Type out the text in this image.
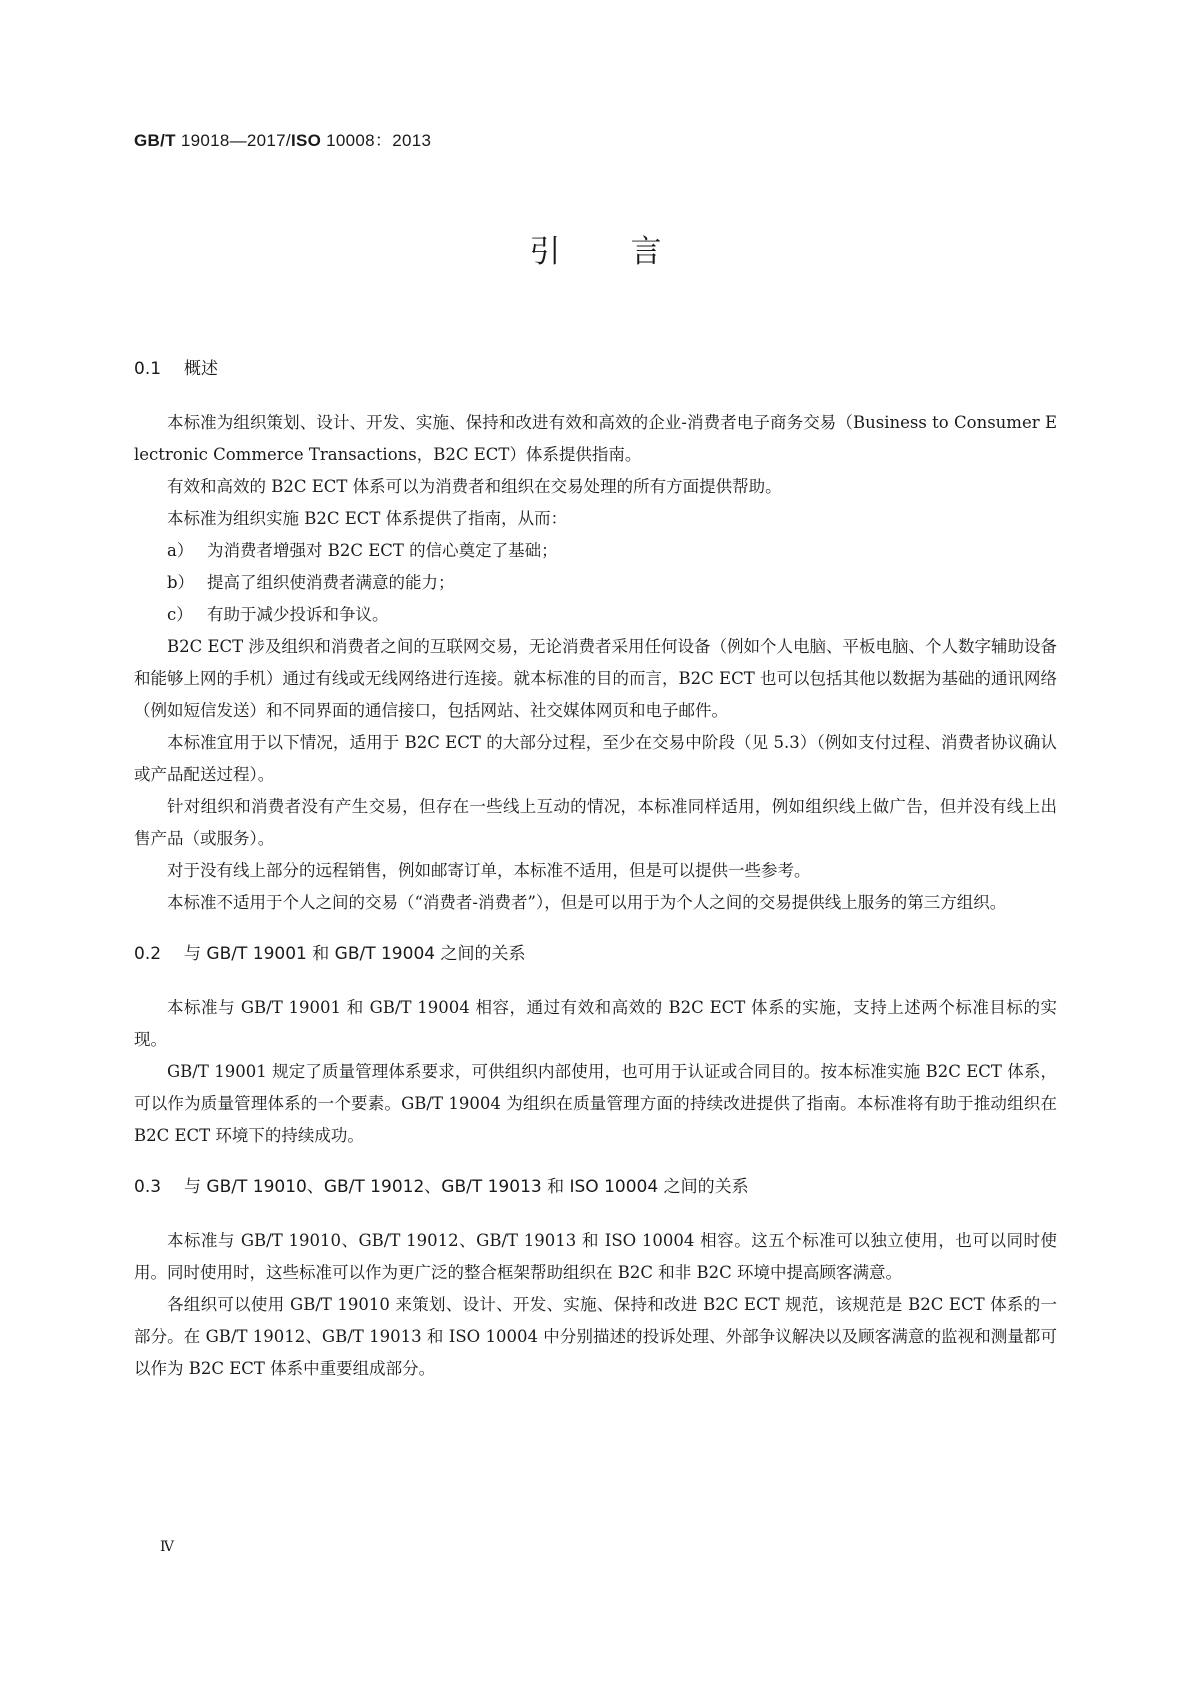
GB/T 19018—2017/ISO 10008：2013
引言
0.1 概述

本标准为组织策划、设计、开发、实施、保持和改进有效和高效的企业-消费者电子商务交易（Business to Consumer Electronic Commerce Transactions，B2C ECT）体系提供指南。

有效和高效的 B2C ECT 体系可以为消费者和组织在交易处理的所有方面提供帮助。

本标准为组织实施 B2C ECT 体系提供了指南，从而：

a） 为消费者增强对 B2C ECT 的信心奠定了基础；

b） 提高了组织使消费者满意的能力；

c） 有助于减少投诉和争议。

B2C ECT 涉及组织和消费者之间的互联网交易，无论消费者采用任何设备（例如个人电脑、平板电脑、个人数字辅助设备和能够上网的手机）通过有线或无线网络进行连接。就本标准的目的而言，B2C ECT 也可以包括其他以数据为基础的通讯网络（例如短信发送）和不同界面的通信接口，包括网站、社交媒体网页和电子邮件。

本标准宜用于以下情况，适用于 B2C ECT 的大部分过程，至少在交易中阶段（见 5.3）（例如支付过程、消费者协议确认或产品配送过程）。

针对组织和消费者没有产生交易，但存在一些线上互动的情况，本标准同样适用，例如组织线上做广告，但并没有线上出售产品（或服务）。

对于没有线上部分的远程销售，例如邮寄订单，本标准不适用，但是可以提供一些参考。

本标准不适用于个人之间的交易（“消费者-消费者”），但是可以用于为个人之间的交易提供线上服务的第三方组织。

0.2 与 GB/T 19001 和 GB/T 19004 之间的关系

本标准与 GB/T 19001 和 GB/T 19004 相容，通过有效和高效的 B2C ECT 体系的实施，支持上述两个标准目标的实现。

GB/T 19001 规定了质量管理体系要求，可供组织内部使用，也可用于认证或合同目的。按本标准实施 B2C ECT 体系，可以作为质量管理体系的一个要素。GB/T 19004 为组织在质量管理方面的持续改进提供了指南。本标准将有助于推动组织在 B2C ECT 环境下的持续成功。

0.3 与 GB/T 19010、GB/T 19012、GB/T 19013 和 ISO 10004 之间的关系

本标准与 GB/T 19010、GB/T 19012、GB/T 19013 和 ISO 10004 相容。这五个标准可以独立使用，也可以同时使用。同时使用时，这些标准可以作为更广泛的整合框架帮助组织在 B2C 和非 B2C 环境中提高顾客满意。

各组织可以使用 GB/T 19010 来策划、设计、开发、实施、保持和改进 B2C ECT 规范，该规范是 B2C ECT 体系的一部分。在 GB/T 19012、GB/T 19013 和 ISO 10004 中分别描述的投诉处理、外部争议解决以及顾客满意的监视和测量都可以作为 B2C ECT 体系中重要组成部分。

Ⅳ
